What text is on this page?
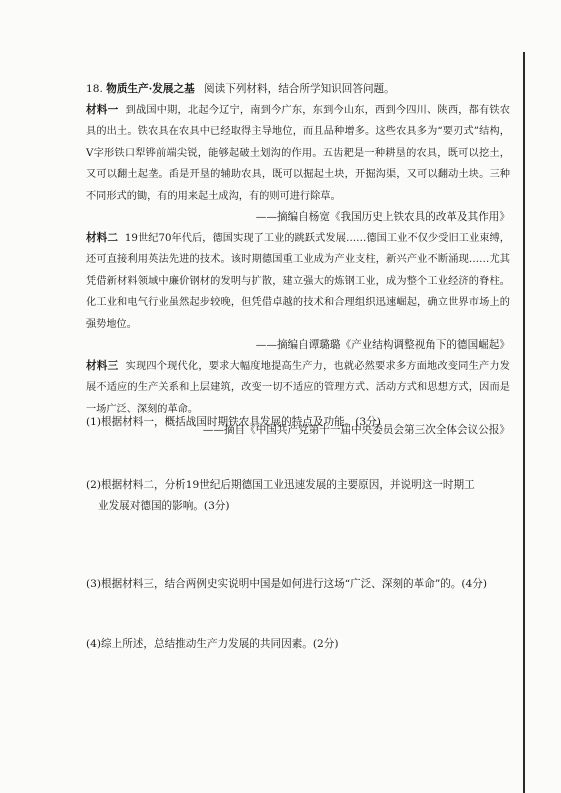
18. 物质生产·发展之基 阅读下列材料，结合所学知识回答问题。

材料一 到战国中期，北起今辽宁，南到今广东，东到今山东，西到今四川、陕西，都有铁农具的出土。铁农具在农具中已经取得主导地位，而且品种增多。这些农具多为“要刃式”结构，V字形铁口犁铧前端尖锐，能够起破土划沟的作用。五齿耙是一种耕垦的农具，既可以挖土，又可以翻土起垄。臿是开垦的辅助农具，既可以掘起土块，开掘沟渠，又可以翻动土块。三种不同形式的锄，有的用来起土成沟，有的则可进行除草。

——摘编自杨宽《我国历史上铁农具的改革及其作用》

材料二 19世纪70年代后，德国实现了工业的跳跃式发展……德国工业不仅少受旧工业束缚，还可直接利用英法先进的技术。该时期德国重工业成为产业支柱，新兴产业不断涌现……尤其凭借新材料领域中廉价钢材的发明与扩散，建立强大的炼钢工业，成为整个工业经济的脊柱。化工业和电气行业虽然起步较晚，但凭借卓越的技术和合理组织迅速崛起，确立世界市场上的强势地位。

——摘编自谭璐璐《产业结构调整视角下的德国崛起》

材料三 实现四个现代化，要求大幅度地提高生产力，也就必然要求多方面地改变同生产力发展不适应的生产关系和上层建筑，改变一切不适应的管理方式、活动方式和思想方式，因而是一场广泛、深刻的革命。

——摘自《中国共产党第十一届中央委员会第三次全体会议公报》

(1)根据材料一，概括战国时期铁农具发展的特点及功能。(3分)

(2)根据材料二，分析19世纪后期德国工业迅速发展的主要原因，并说明这一时期工
业发展对德国的影响。(3分)

(3)根据材料三，结合两例史实说明中国是如何进行这场“广泛、深刻的革命”的。(4分)

(4)综上所述，总结推动生产力发展的共同因素。(2分)
